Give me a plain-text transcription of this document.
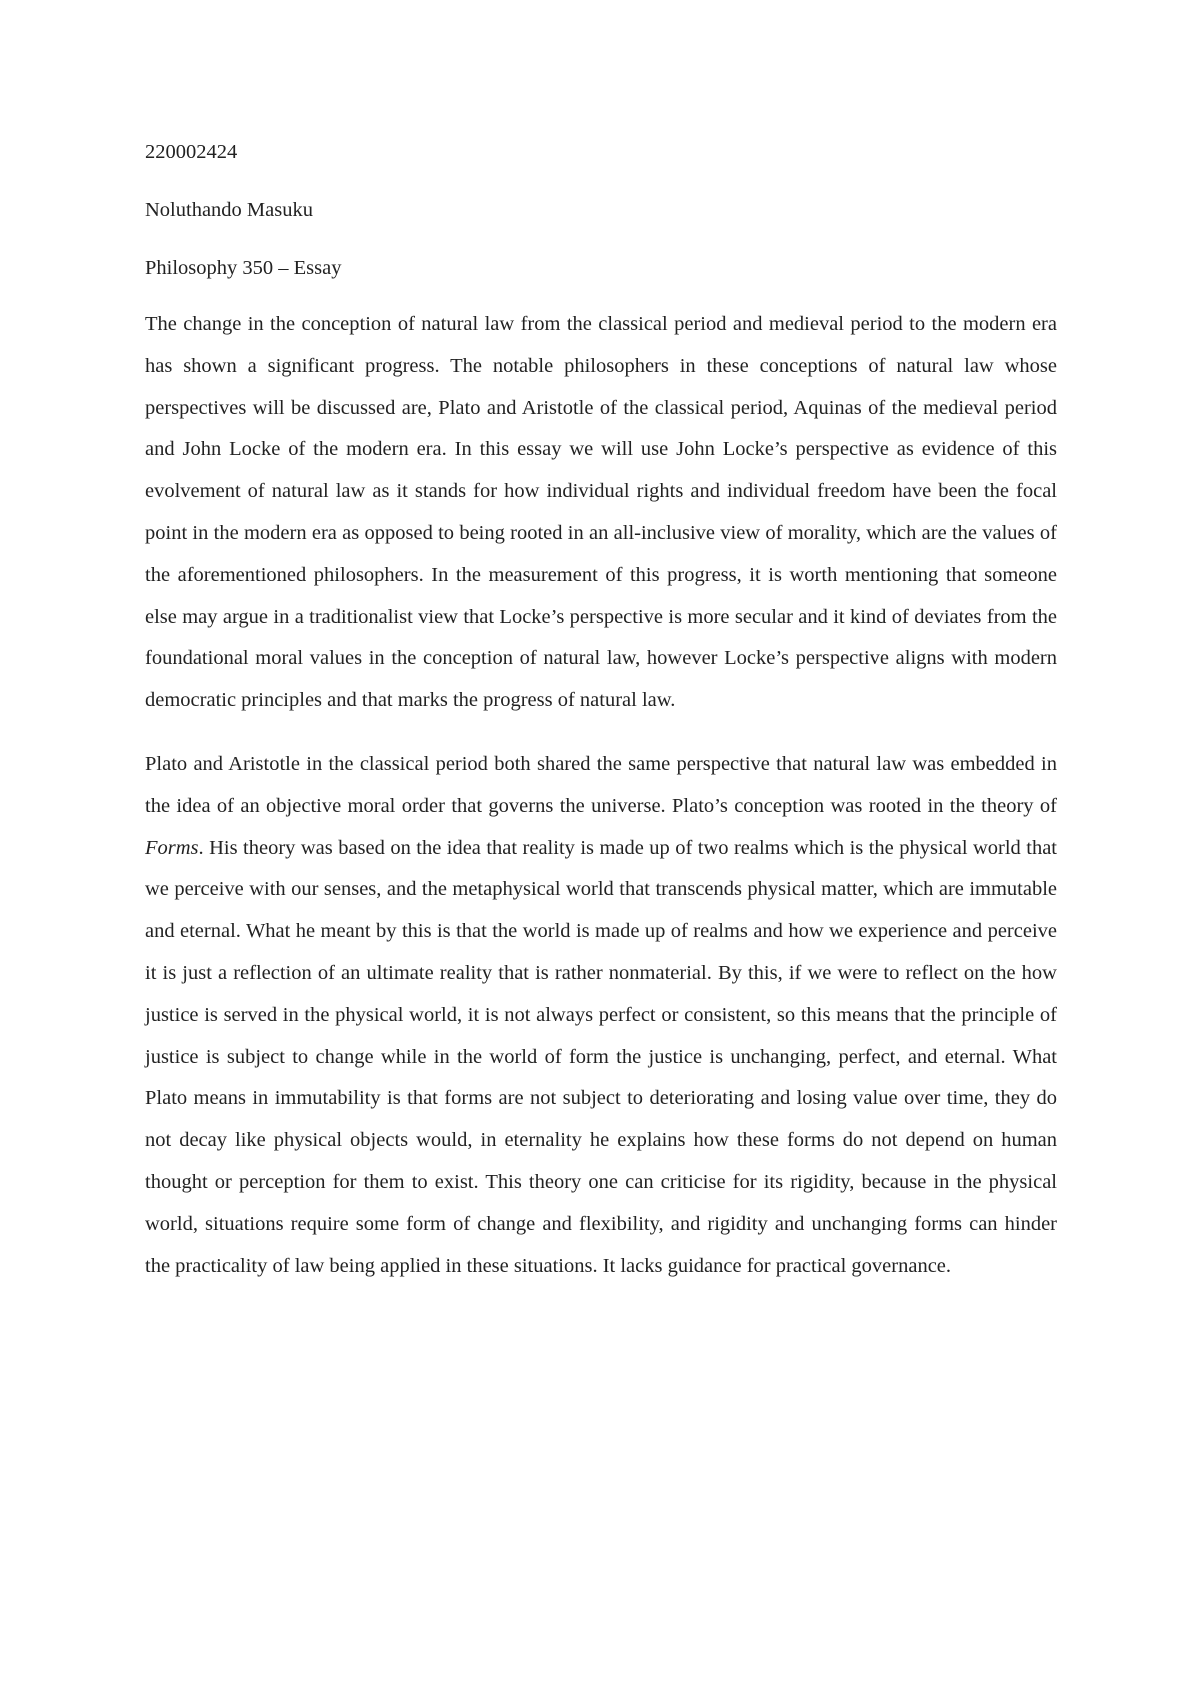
220002424

Noluthando Masuku

Philosophy 350 – Essay

The change in the conception of natural law from the classical period and medieval period to the modern era has shown a significant progress. The notable philosophers in these conceptions of natural law whose perspectives will be discussed are, Plato and Aristotle of the classical period, Aquinas of the medieval period and John Locke of the modern era. In this essay we will use John Locke’s perspective as evidence of this evolvement of natural law as it stands for how individual rights and individual freedom have been the focal point in the modern era as opposed to being rooted in an all-inclusive view of morality, which are the values of the aforementioned philosophers. In the measurement of this progress, it is worth mentioning that someone else may argue in a traditionalist view that Locke’s perspective is more secular and it kind of deviates from the foundational moral values in the conception of natural law, however Locke’s perspective aligns with modern democratic principles and that marks the progress of natural law.

Plato and Aristotle in the classical period both shared the same perspective that natural law was embedded in the idea of an objective moral order that governs the universe. Plato’s conception was rooted in the theory of Forms. His theory was based on the idea that reality is made up of two realms which is the physical world that we perceive with our senses, and the metaphysical world that transcends physical matter, which are immutable and eternal. What he meant by this is that the world is made up of realms and how we experience and perceive it is just a reflection of an ultimate reality that is rather nonmaterial. By this, if we were to reflect on the how justice is served in the physical world, it is not always perfect or consistent, so this means that the principle of justice is subject to change while in the world of form the justice is unchanging, perfect, and eternal. What Plato means in immutability is that forms are not subject to deteriorating and losing value over time, they do not decay like physical objects would, in eternality he explains how these forms do not depend on human thought or perception for them to exist. This theory one can criticise for its rigidity, because in the physical world, situations require some form of change and flexibility, and rigidity and unchanging forms can hinder the practicality of law being applied in these situations. It lacks guidance for practical governance.
